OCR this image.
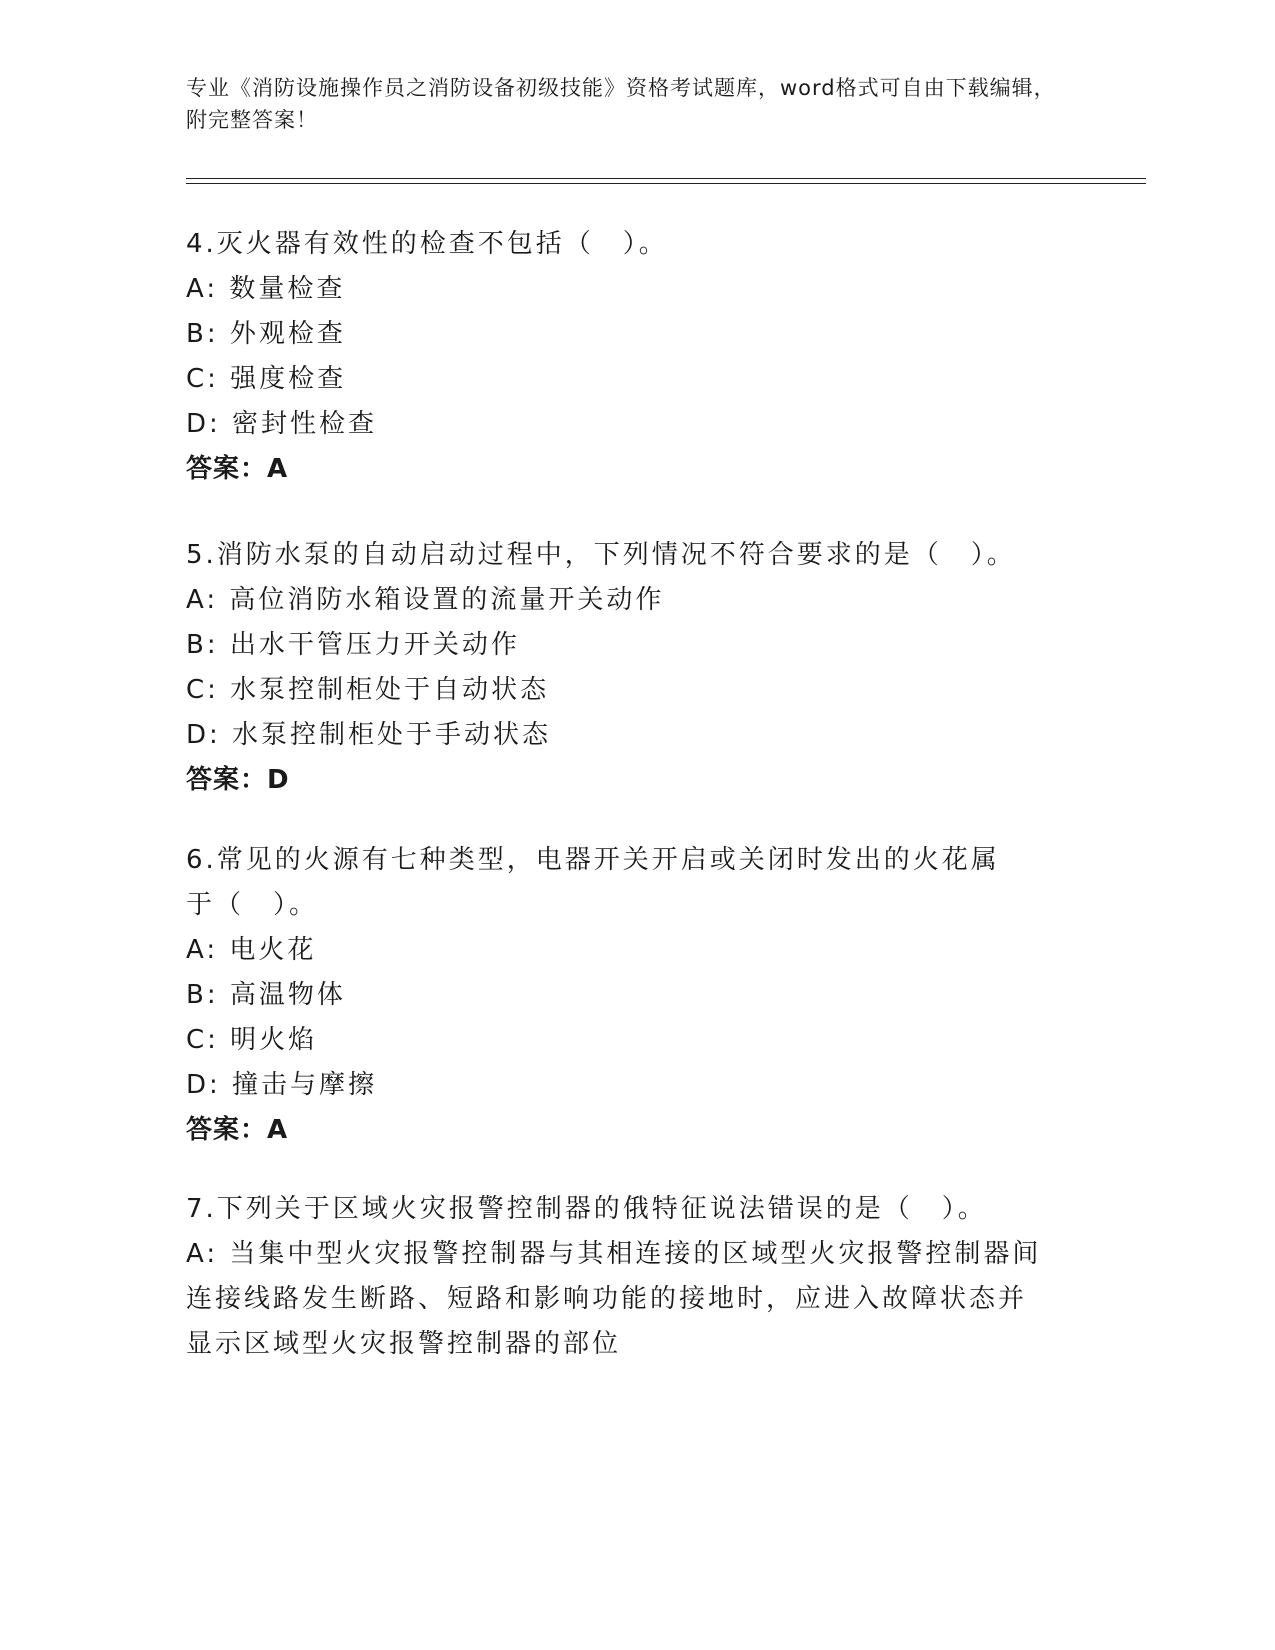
专业《消防设施操作员之消防设备初级技能》资格考试题库，word格式可自由下载编辑，附完整答案！
4.灭火器有效性的检查不包括（　）。
A: 数量检查
B: 外观检查
C: 强度检查
D: 密封性检查
答案：A
5.消防水泵的自动启动过程中，下列情况不符合要求的是（　）。
A: 高位消防水箱设置的流量开关动作
B: 出水干管压力开关动作
C: 水泵控制柜处于自动状态
D: 水泵控制柜处于手动状态
答案：D
6.常见的火源有七种类型，电器开关开启或关闭时发出的火花属于（　）。
A: 电火花
B: 高温物体
C: 明火焰
D: 撞击与摩擦
答案：A
7.下列关于区域火灾报警控制器的俄特征说法错误的是（　）。
A: 当集中型火灾报警控制器与其相连接的区域型火灾报警控制器间连接线路发生断路、短路和影响功能的接地时，应进入故障状态并显示区域型火灾报警控制器的部位
